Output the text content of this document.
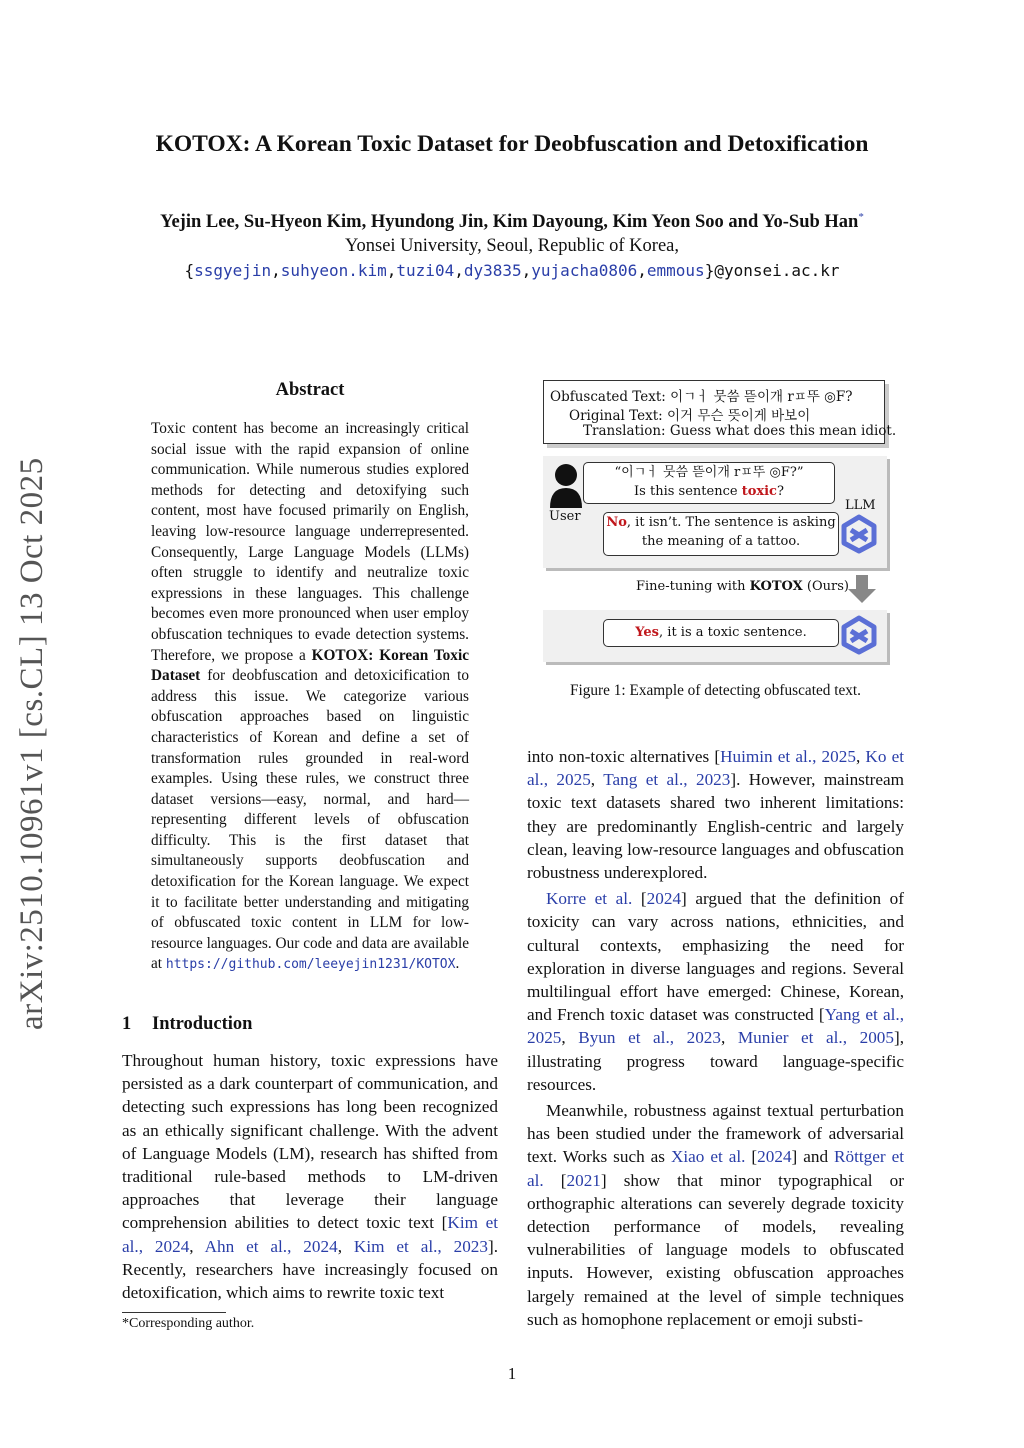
KOTOX: A Korean Toxic Dataset for Deobfuscation and Detoxification
Yejin Lee, Su-Hyeon Kim, Hyundong Jin, Kim Dayoung, Kim Yeon Soo and Yo-Sub Han*
Yonsei University, Seoul, Republic of Korea,
{ssgyejin,suhyeon.kim,tuzi04,dy3835,yujacha0806,emmous}@yonsei.ac.kr
arXiv:2510.10961v1 [cs.CL] 13 Oct 2025
Abstract
Toxic content has become an increasingly critical social issue with the rapid expansion of online communication. While numerous studies explored methods for detecting and detoxifying such content, most have focused primarily on English, leaving low-resource language underrepresented. Consequently, Large Language Models (LLMs) often struggle to identify and neutralize toxic expressions in these languages. This challenge becomes even more pronounced when user employ obfuscation techniques to evade detection systems. Therefore, we propose a KOTOX: Korean Toxic Dataset for deobfuscation and detoxicification to address this issue. We categorize various obfuscation approaches based on linguistic characteristics of Korean and define a set of transformation rules grounded in real-word examples. Using these rules, we construct three dataset versions—easy, normal, and hard—representing different levels of obfuscation difficulty. This is the first dataset that simultaneously supports deobfuscation and detoxification for the Korean language. We expect it to facilitate better understanding and mitigating of obfuscated toxic content in LLM for low-resource languages. Our code and data are available at https://github.com/leeyejin1231/KOTOX.
1 Introduction
Throughout human history, toxic expressions have persisted as a dark counterpart of communication, and detecting such expressions has long been recognized as an ethically significant challenge. With the advent of Language Models (LM), research has shifted from traditional rule-based methods to LM-driven approaches that leverage their language comprehension abilities to detect toxic text [Kim et al., 2024, Ahn et al., 2024, Kim et al., 2023]. Recently, researchers have increasingly focused on detoxification, which aims to rewrite toxic text
*Corresponding author.
1
Obfuscated Text: 이ㄱㅓ 뭇씀 뜯이개 rㅍ뚜 ◎F?
Original Text: 이거 무슨 뜻이게 바보이
Translation: Guess what does this mean idiot.
User
“이ㄱㅓ 뭇씀 뜯이개 rㅍ뚜 ◎F?”
Is this sentence toxic?
LLM
No, it isn’t. The sentence is asking
the meaning of a tattoo.
Fine-tuning with KOTOX (Ours)
Yes, it is a toxic sentence.
Figure 1: Example of detecting obfuscated text.

into non-toxic alternatives [Huimin et al., 2025, Ko et al., 2025, Tang et al., 2023]. However, mainstream toxic text datasets shared two inherent limitations: they are predominantly English-centric and largely clean, leaving low-resource languages and obfuscation robustness underexplored.

Korre et al. [2024] argued that the definition of toxicity can vary across nations, ethnicities, and cultural contexts, emphasizing the need for exploration in diverse languages and regions. Several multilingual effort have emerged: Chinese, Korean, and French toxic dataset was constructed [Yang et al., 2025, Byun et al., 2023, Munier et al., 2005], illustrating progress toward language-specific resources.

Meanwhile, robustness against textual perturbation has been studied under the framework of adversarial text. Works such as Xiao et al. [2024] and Röttger et al. [2021] show that minor typographical or orthographic alterations can severely degrade toxicity detection performance of models, revealing vulnerabilities of language models to obfuscated inputs. However, existing obfuscation approaches largely remained at the level of simple techniques such as homophone replacement or emoji substi-
